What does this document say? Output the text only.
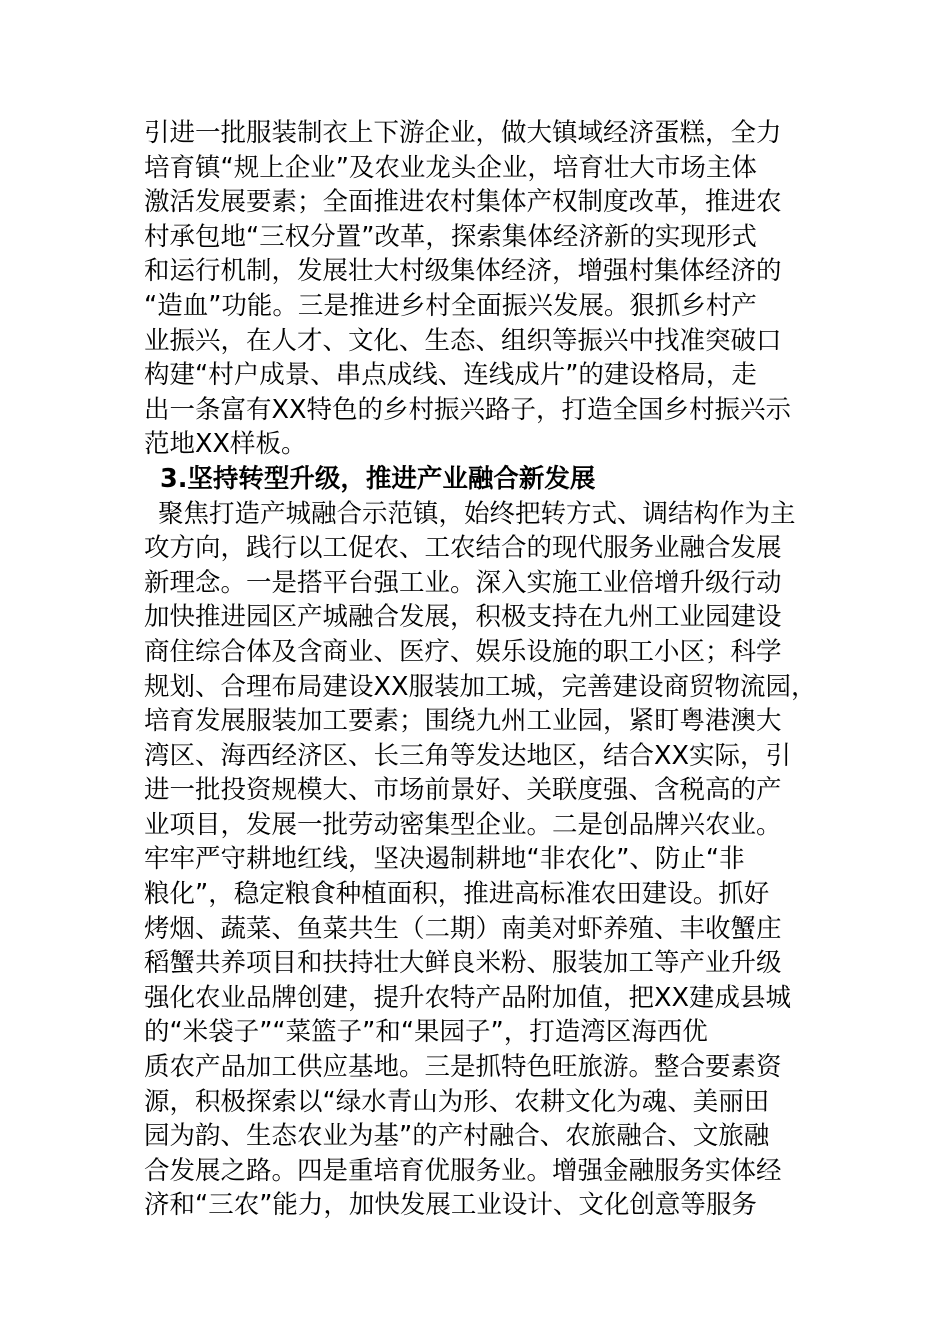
引进一批服装制衣上下游企业，做大镇域经济蛋糕，全力
培育镇“规上企业”及农业龙头企业，培育壮大市场主体
激活发展要素；全面推进农村集体产权制度改革，推进农
村承包地“三权分置”改革，探索集体经济新的实现形式
和运行机制，发展壮大村级集体经济，增强村集体经济的
“造血”功能。三是推进乡村全面振兴发展。狠抓乡村产
业振兴，在人才、文化、生态、组织等振兴中找准突破口
构建“村户成景、串点成线、连线成片”的建设格局，走
出一条富有XX特色的乡村振兴路子，打造全国乡村振兴示
范地XX样板。
3.坚持转型升级，推进产业融合新发展
聚焦打造产城融合示范镇，始终把转方式、调结构作为主
攻方向，践行以工促农、工农结合的现代服务业融合发展
新理念。一是搭平台强工业。深入实施工业倍增升级行动
加快推进园区产城融合发展，积极支持在九州工业园建设
商住综合体及含商业、医疗、娱乐设施的职工小区；科学
规划、合理布局建设XX服装加工城，完善建设商贸物流园，
培育发展服装加工要素；围绕九州工业园，紧盯粤港澳大
湾区、海西经济区、长三角等发达地区，结合XX实际，引
进一批投资规模大、市场前景好、关联度强、含税高的产
业项目，发展一批劳动密集型企业。二是创品牌兴农业。
牢牢严守耕地红线，坚决遏制耕地“非农化”、防止“非
粮化”，稳定粮食种植面积，推进高标准农田建设。抓好
烤烟、蔬菜、鱼菜共生（二期）南美对虾养殖、丰收蟹庄
稻蟹共养项目和扶持壮大鲜良米粉、服装加工等产业升级
强化农业品牌创建，提升农特产品附加值，把XX建成县城
的“米袋子”“菜篮子”和“果园子”，打造湾区海西优
质农产品加工供应基地。三是抓特色旺旅游。整合要素资
源，积极探索以“绿水青山为形、农耕文化为魂、美丽田
园为韵、生态农业为基”的产村融合、农旅融合、文旅融
合发展之路。四是重培育优服务业。增强金融服务实体经
济和“三农”能力，加快发展工业设计、文化创意等服务
